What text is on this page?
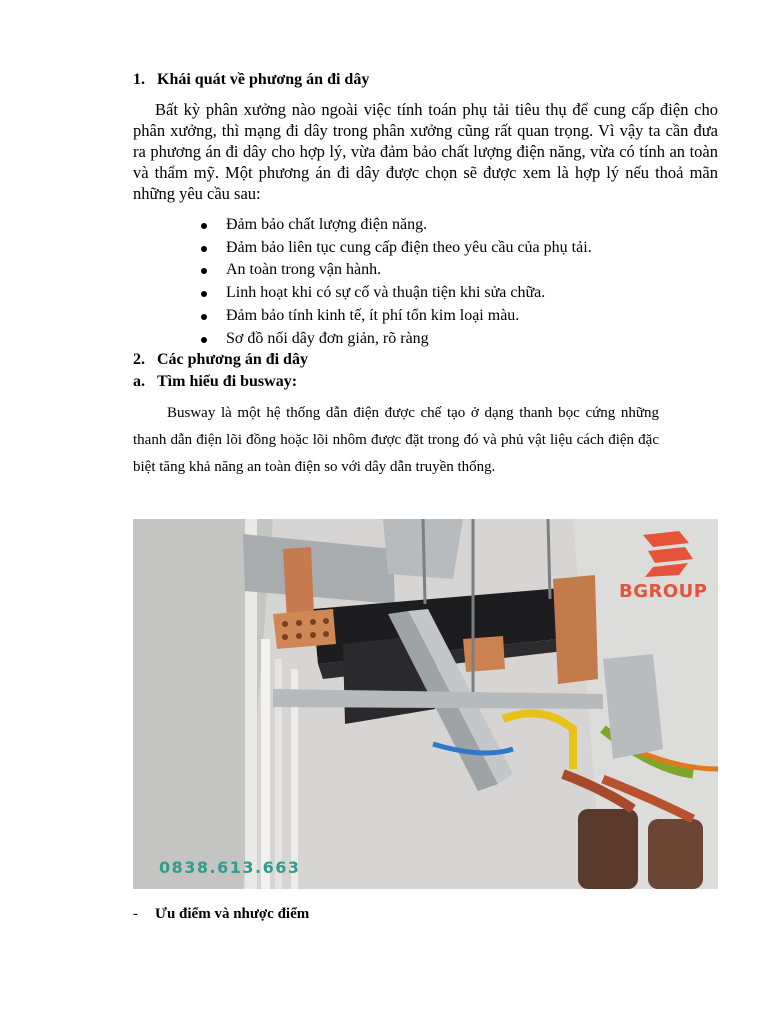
1. Khái quát về phương án đi dây
Bất kỳ phân xưởng nào ngoài việc tính toán phụ tải tiêu thụ để cung cấp điện cho phân xưởng, thì mạng đi dây trong phân xưởng cũng rất quan trọng. Vì vậy ta cần đưa ra phương án đi dây cho hợp lý, vừa đảm bảo chất lượng điện năng, vừa có tính an toàn và thẩm mỹ. Một phương án đi dây được chọn sẽ được xem là hợp lý nếu thoả mãn những yêu cầu sau:
Đảm bảo chất lượng điện năng.
Đảm bảo liên tục cung cấp điện theo yêu cầu của phụ tải.
An toàn trong vận hành.
Linh hoạt khi có sự cố và thuận tiện khi sửa chữa.
Đảm bảo tính kinh tế, ít phí tổn kim loại màu.
Sơ đồ nối dây đơn giản, rõ ràng
2. Các phương án đi dây
a. Tìm hiểu đi busway:
Busway là một hệ thống dẫn điện được chế tạo ở dạng thanh bọc cứng những thanh dẫn điện lõi đồng hoặc lõi nhôm được đặt trong đó và phủ vật liệu cách điện đặc biệt tăng khả năng an toàn điện so với dây dẫn truyền thống.
BGROUP
0838.613.663
- Ưu điểm và nhược điểm
